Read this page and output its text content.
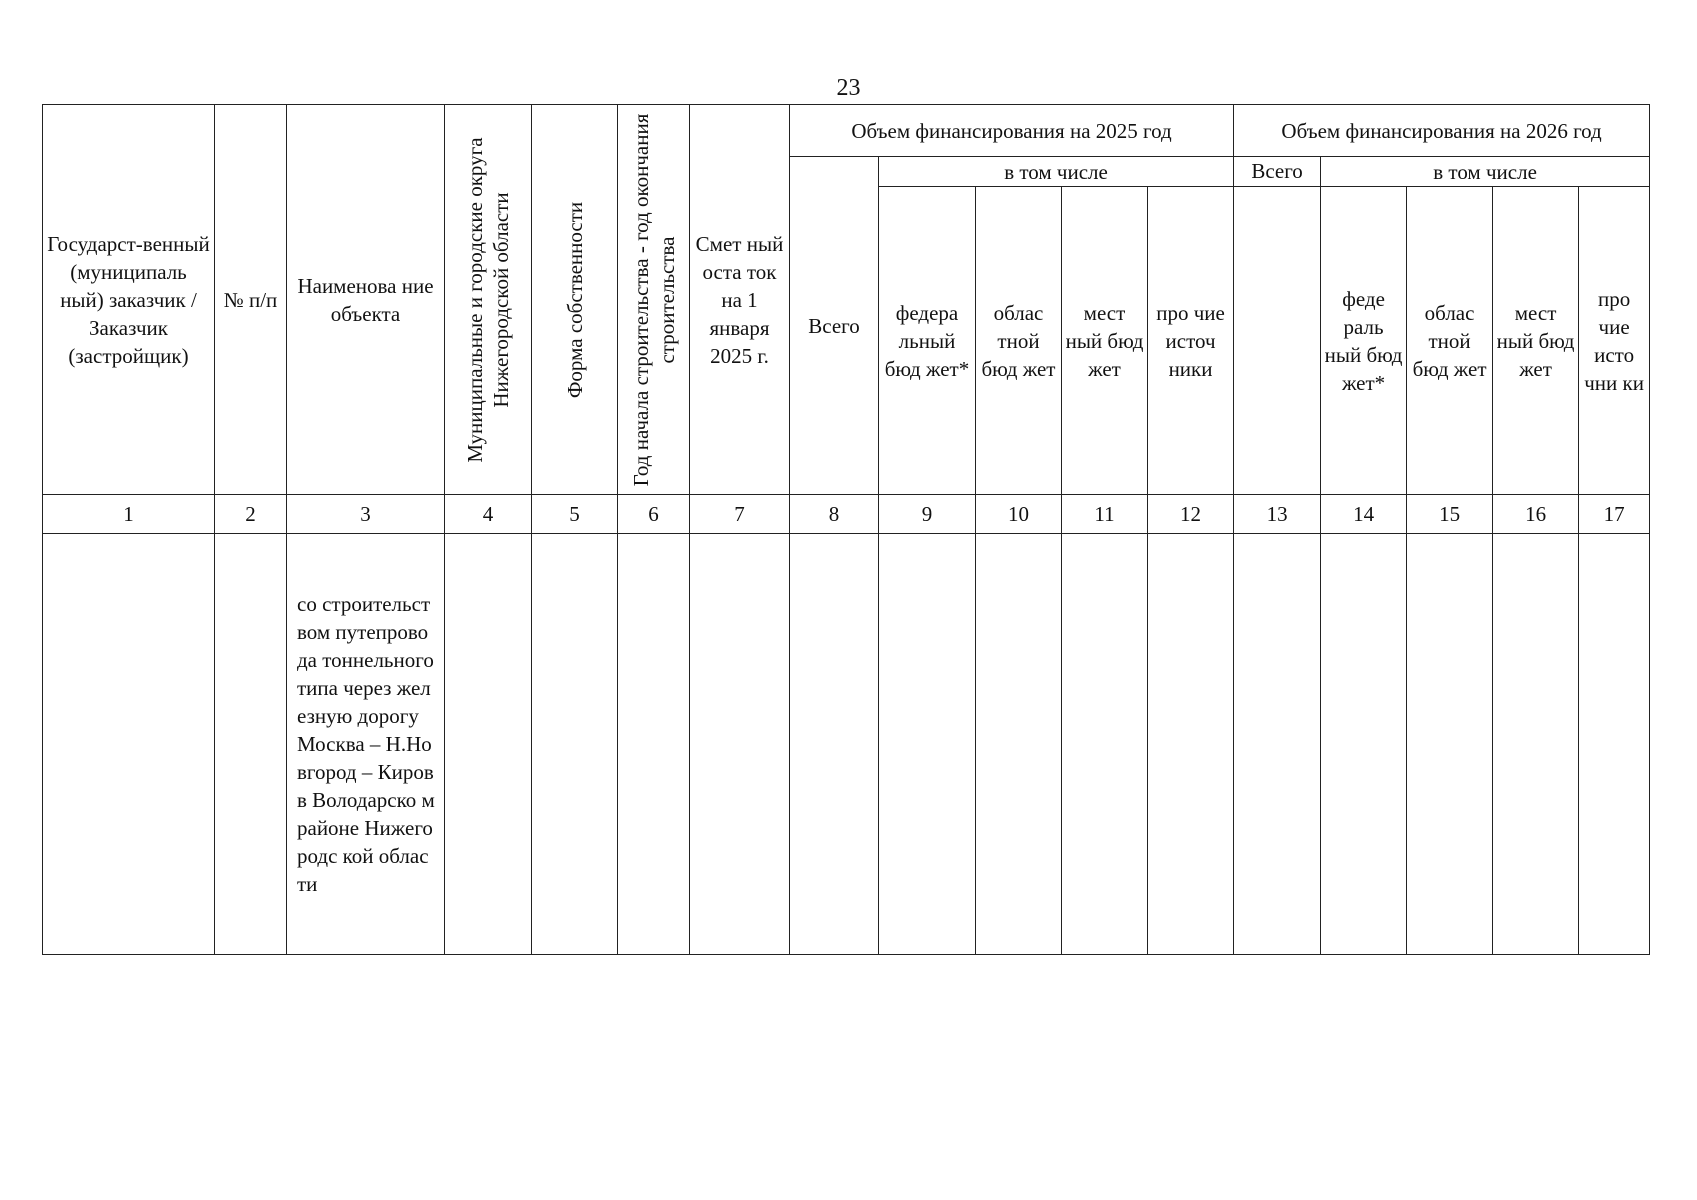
23
Государст-венный (муниципаль ный) заказчик / Заказчик (застройщик)	№ п/п	Наименова ние объекта	Муниципальные и городские округа Нижегородской области	Форма собственности	Год начала строительства - год окончания строительства	Смет ный оста ток на 1 января 2025 г.	Объем финансирования на 2025 год					Объем финансирования на 2026 год				

							Всего	в том числе				Всего	в том числе			

								федера льный бюд жет*	облас тной бюд жет	мест ный бюд жет	про чие источ ники		феде раль ный бюд жет*	облас тной бюд жет	мест ный бюд жет	про чие исто чни ки

1	2	3	4	5	6	7	8	9	10	11	12	13	14	15	16	17

		со строительст вом путепровода тоннельного типа через железную дорогу Москва – Н.Новгород – Киров в Володарско м районе Нижегородс кой области														
